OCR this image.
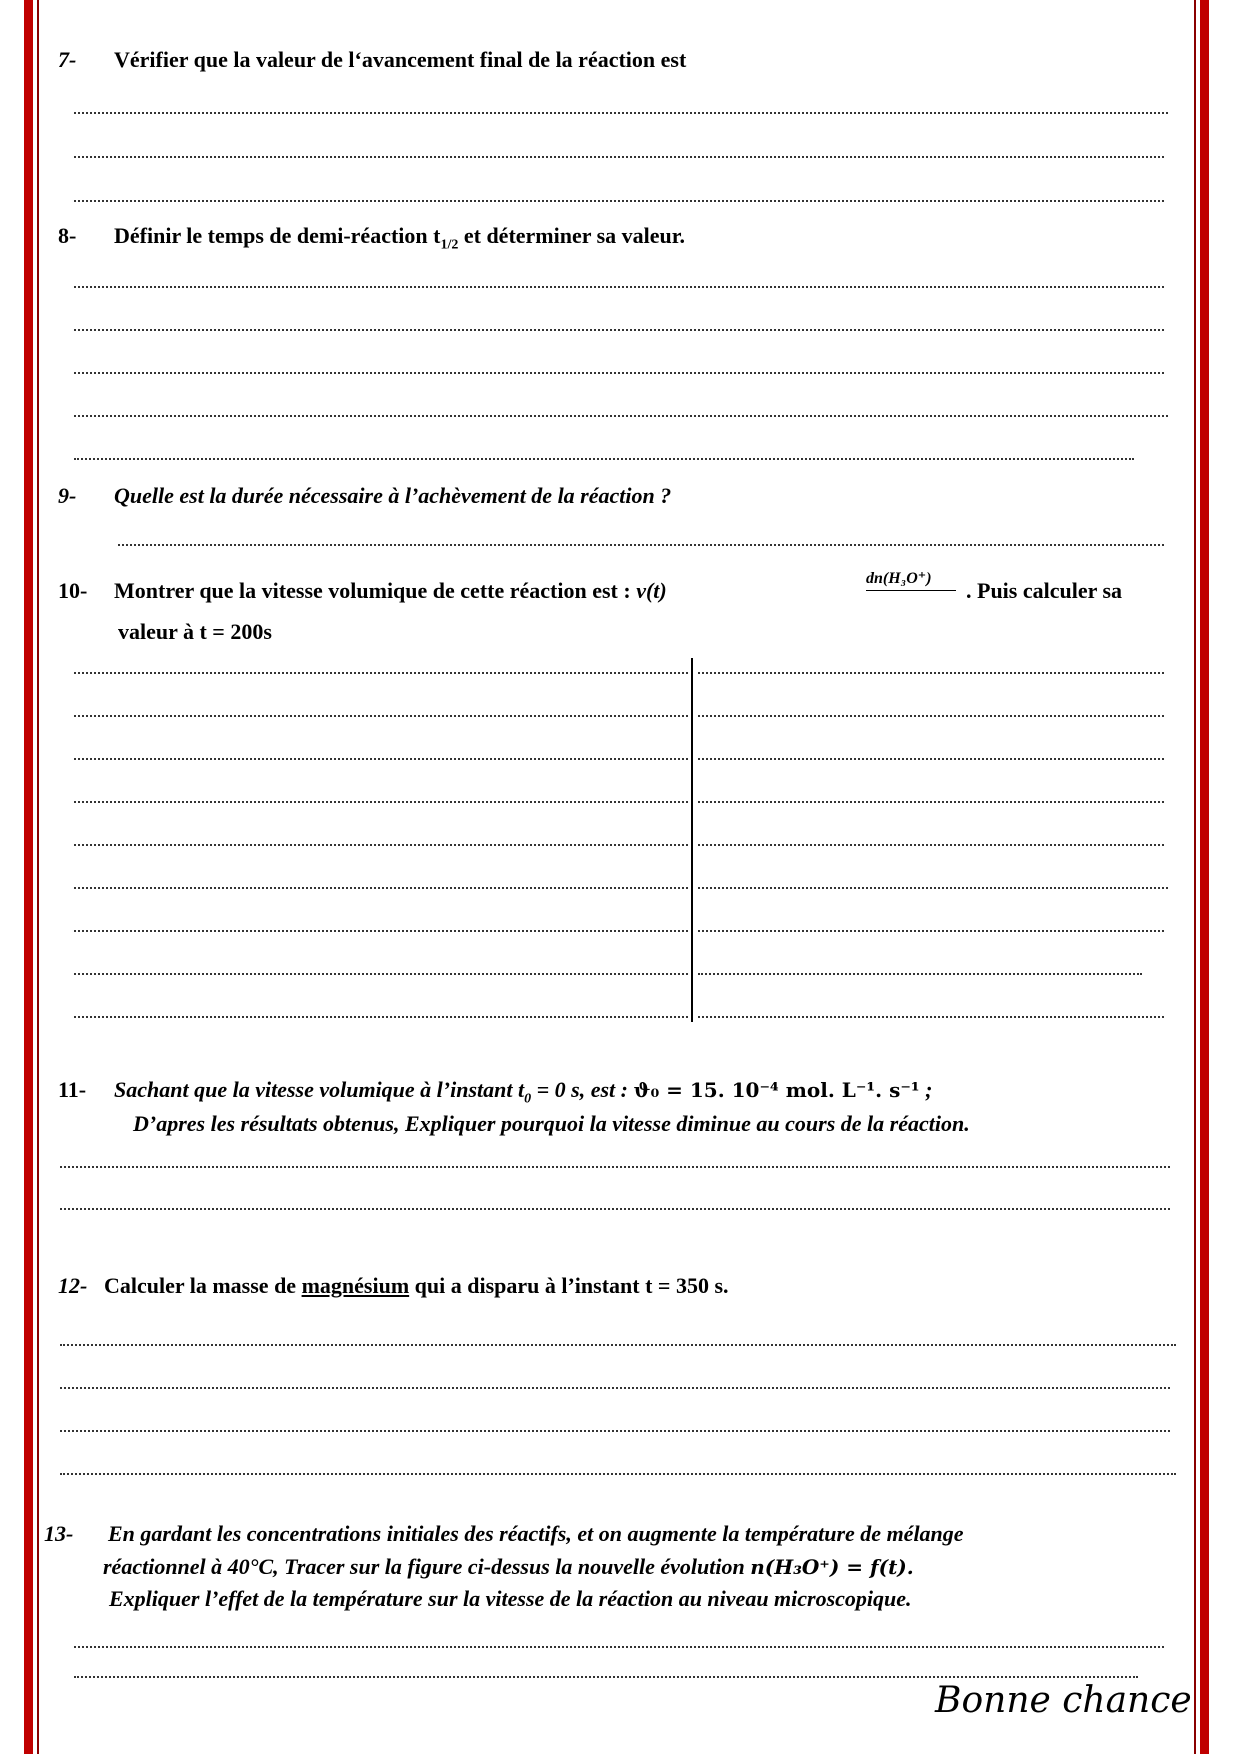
7- Vérifier que la valeur de l‘avancement final de la réaction est
8- Définir le temps de demi-réaction $t_{1/2}$ et déterminer sa valeur.
9- Quelle est la durée nécessaire à l’achèvement de la réaction ?
10- Montrer que la vitesse volumique de cette réaction est : v(t)	dn(H₃O⁺) . Puis calculer sa
valeur à t = 200s
11- Sachant que la vitesse volumique à l’instant $t_0 = 0$ s, est : ϑ₀ = 15. 10⁻⁴ mol. L⁻¹. s⁻¹ ;
D’apres les résultats obtenus, Expliquer pourquoi la vitesse diminue au cours de la réaction.
12- Calculer la masse de magnésium qui a disparu à l’instant t = 350 s.
13- En gardant les concentrations initiales des réactifs, et on augmente la température de mélange
réactionnel à 40°C, Tracer sur la figure ci-dessus la nouvelle évolution n(H₃O⁺) = f(t).
Expliquer l’effet de la température sur la vitesse de la réaction au niveau microscopique.
Bonne chance
